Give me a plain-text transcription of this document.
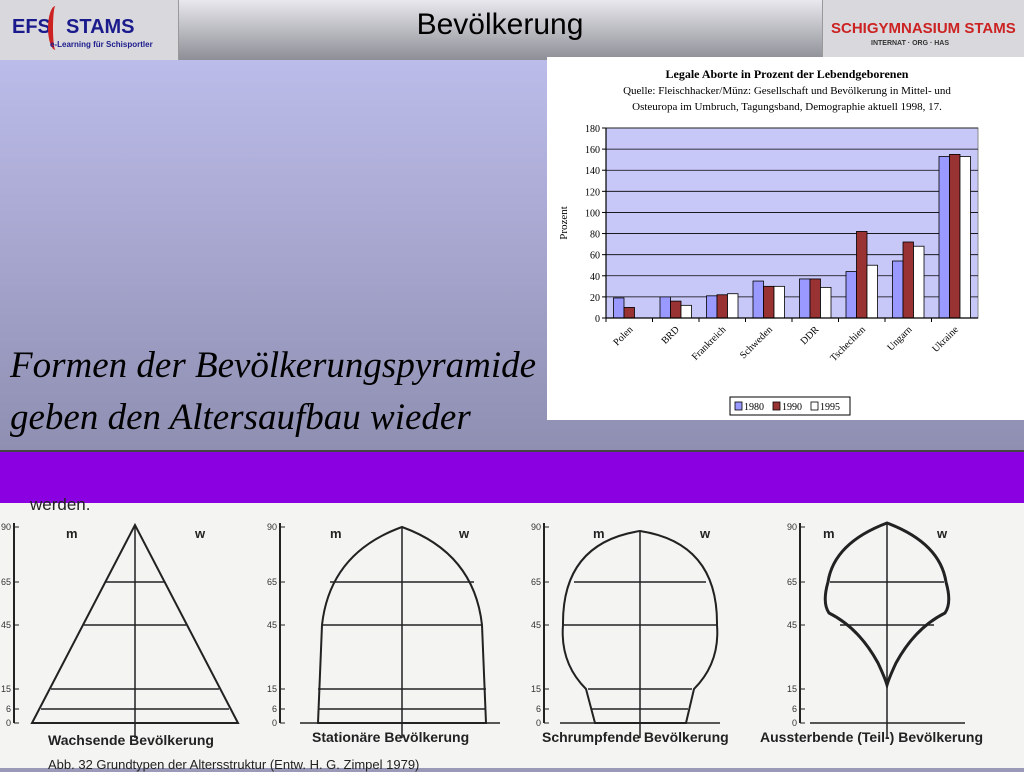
EFS STAMS
e-Learning für Schisportler
Bevölkerung	SCHIGYMNASIUM STAMS
INTERNAT · ORG · HAS
Legale Aborte in Prozent der Lebendgeborenen
Quelle: Fleischhacker/Münz: Gesellschaft und Bevölkerung in Mittel- und
Osteuropa im Umbruch, Tagungsband, Demographie aktuell 1998, 17.
0
20
40
60
80
100
120
140
160
180
Polen BRD Frankreich Schweden DDR Tschechien Ungarn Ukraine
Prozent
1980 1990 1995
Formen der Bevölkerungspyramide
geben den Altersaufbau wieder
werden.
90
65
45
15
6
0
90
65
45
15
6
0
90
65
45
15
6
0
90
65
45
15
6
0
m	w	m	w	m	w	m	w
Wachsende Bevölkerung	Stationäre Bevölkerung	Schrumpfende Bevölkerung Aussterbende (Teil-) Bevölkerung
Abb. 32 Grundtypen der Altersstruktur (Entw. H. G. Zimpel 1979)
